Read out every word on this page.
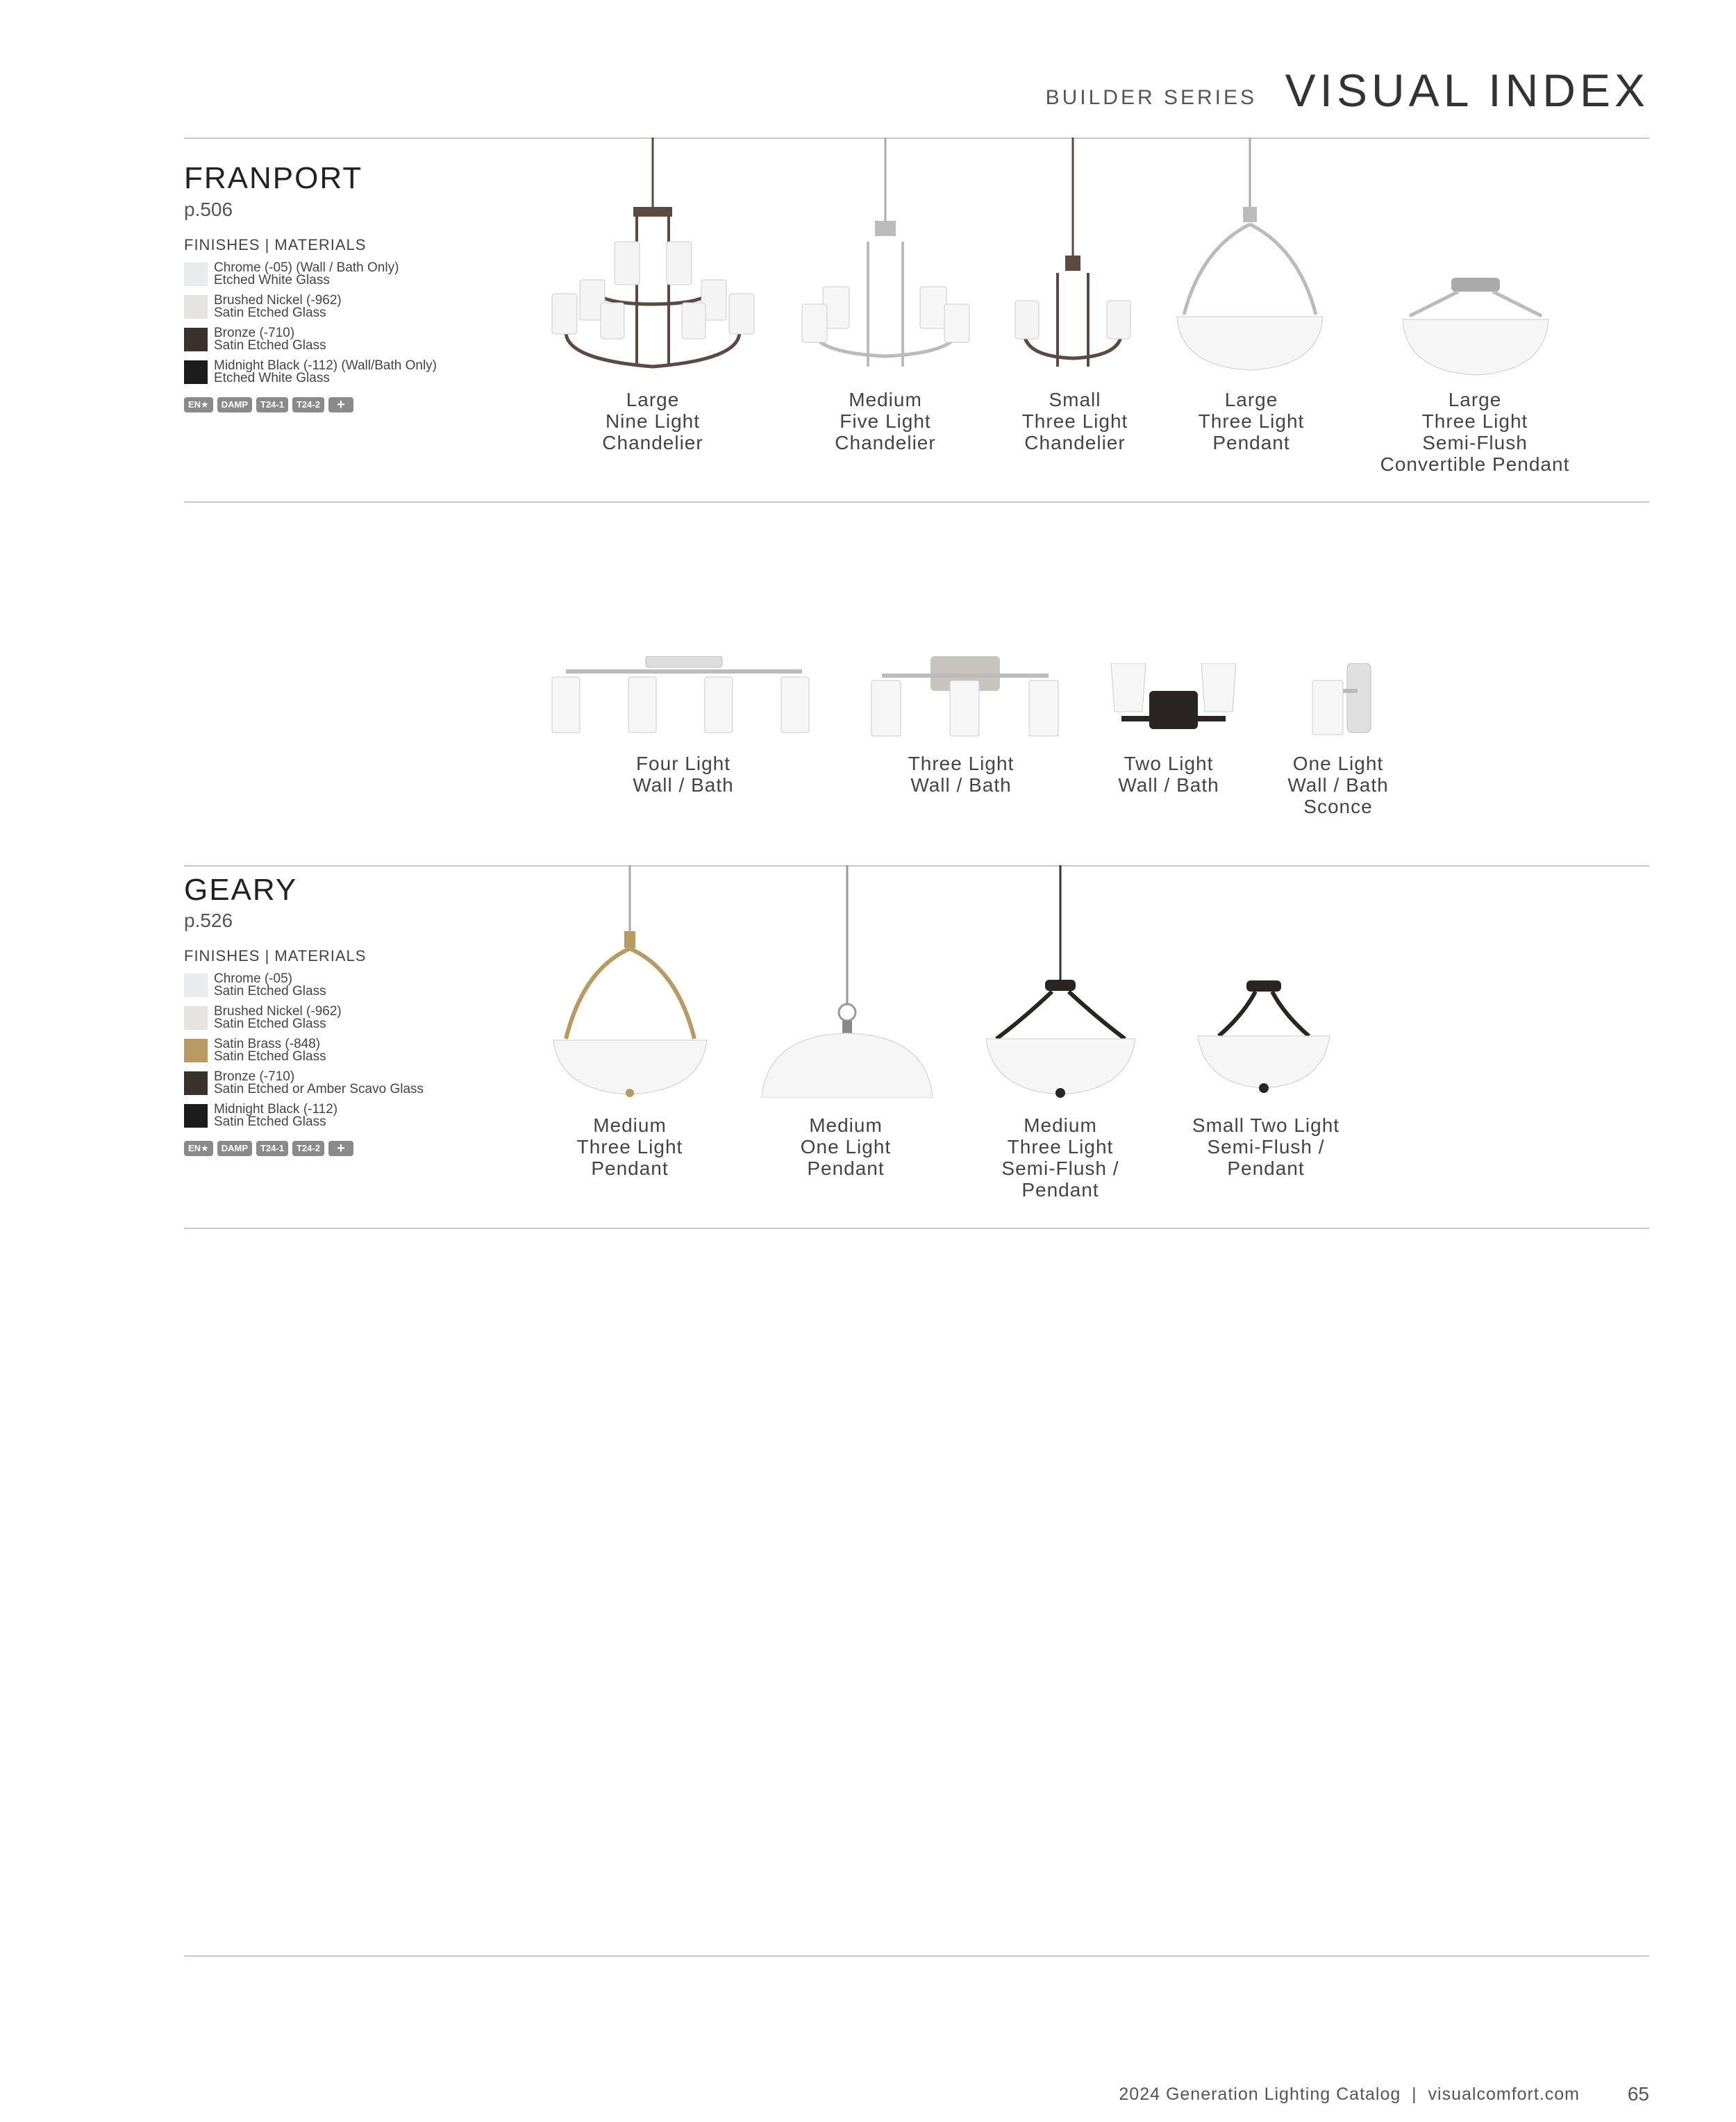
BUILDER SERIES VISUAL INDEX
FRANPORT
p.506
FINISHES | MATERIALS
Chrome (-05) (Wall / Bath Only)
Etched White Glass
Brushed Nickel (-962)
Satin Etched Glass
Bronze (-710)
Satin Etched Glass
Midnight Black (-112) (Wall/Bath Only)
Etched White Glass
EN★	DAMP	T24-1	T24-2	+	Large
Nine Light
Chandelier
Medium
Five Light
Chandelier
Small
Three Light
Chandelier
Large
Three Light
Pendant
Large
Three Light
Semi-Flush
Convertible Pendant
Four Light
Wall / Bath
Three Light
Wall / Bath
Two Light
Wall / Bath
One Light
Wall / Bath
Sconce
GEARY
p.526
FINISHES | MATERIALS
Chrome (-05)
Satin Etched Glass
Brushed Nickel (-962)
Satin Etched Glass
Satin Brass (-848)
Satin Etched Glass
Bronze (-710)
Satin Etched or Amber Scavo Glass
Midnight Black (-112)
Satin Etched Glass
EN★	DAMP	T24-1	T24-2	+
Medium
Three Light
Pendant
Medium
One Light
Pendant
Medium
Three Light
Semi-Flush /
Pendant
Small Two Light
Semi-Flush /
Pendant
2024 Generation Lighting Catalog  |  visualcomfort.com 65
